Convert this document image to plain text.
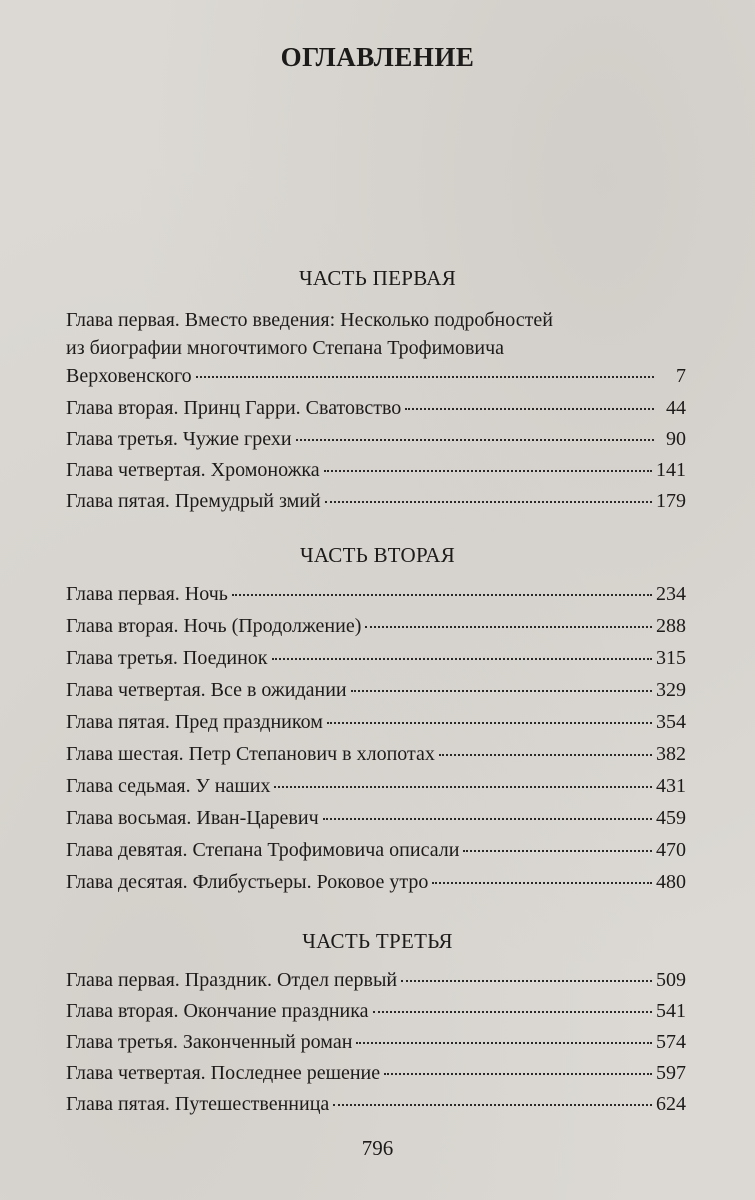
ОГЛАВЛЕНИЕ
ЧАСТЬ ПЕРВАЯ
Глава первая. Вместо введения: Несколько подробностей
из биографии многочтимого Степана Трофимовича
Верховенского	7
Глава вторая. Принц Гарри. Сватовство	44
Глава третья. Чужие грехи	90
Глава четвертая. Хромоножка	141
Глава пятая. Премудрый змий	179
ЧАСТЬ ВТОРАЯ
Глава первая. Ночь	234
Глава вторая. Ночь (Продолжение)	288
Глава третья. Поединок	315
Глава четвертая. Все в ожидании	329
Глава пятая. Пред праздником	354
Глава шестая. Петр Степанович в хлопотах	382
Глава седьмая. У наших	431
Глава восьмая. Иван-Царевич	459
Глава девятая. Степана Трофимовича описали	470
Глава десятая. Флибустьеры. Роковое утро	480
ЧАСТЬ ТРЕТЬЯ
Глава первая. Праздник. Отдел первый	509
Глава вторая. Окончание праздника	541
Глава третья. Законченный роман	574
Глава четвертая. Последнее решение	597
Глава пятая. Путешественница	624
796
